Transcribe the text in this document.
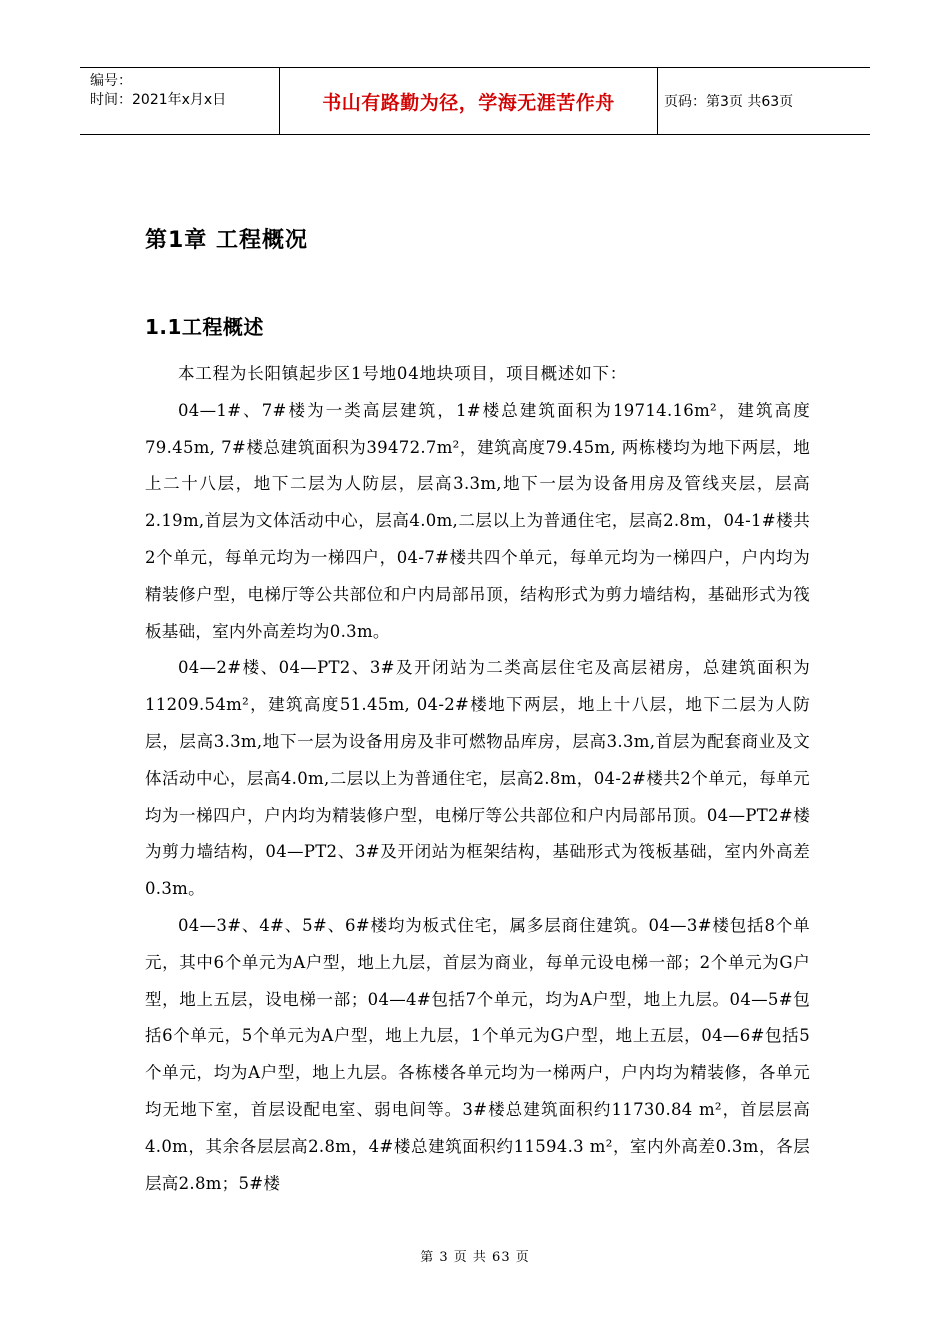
编号：
时间：2021年x月x日	书山有路勤为径，学海无涯苦作舟	页码：第3页 共63页
第1章 工程概况
1.1工程概述

本工程为长阳镇起步区1号地04地块项目，项目概述如下：

04—1#、7#楼为一类高层建筑，1#楼总建筑面积为19714.16m²，建筑高度79.45m, 7#楼总建筑面积为39472.7m²，建筑高度79.45m, 两栋楼均为地下两层，地上二十八层，地下二层为人防层，层高3.3m,地下一层为设备用房及管线夹层，层高2.19m,首层为文体活动中心，层高4.0m,二层以上为普通住宅，层高2.8m，04-1#楼共2个单元，每单元均为一梯四户，04-7#楼共四个单元，每单元均为一梯四户，户内均为精装修户型，电梯厅等公共部位和户内局部吊顶，结构形式为剪力墙结构，基础形式为筏板基础，室内外高差均为0.3m。

04—2#楼、04—PT2、3#及开闭站为二类高层住宅及高层裙房，总建筑面积为11209.54m²，建筑高度51.45m, 04-2#楼地下两层，地上十八层，地下二层为人防层，层高3.3m,地下一层为设备用房及非可燃物品库房，层高3.3m,首层为配套商业及文体活动中心，层高4.0m,二层以上为普通住宅，层高2.8m，04-2#楼共2个单元，每单元均为一梯四户，户内均为精装修户型，电梯厅等公共部位和户内局部吊顶。04—PT2#楼为剪力墙结构，04—PT2、3#及开闭站为框架结构，基础形式为筏板基础，室内外高差0.3m。

04—3#、4#、5#、6#楼均为板式住宅，属多层商住建筑。04—3#楼包括8个单元，其中6个单元为A户型，地上九层，首层为商业，每单元设电梯一部；2个单元为G户型，地上五层，设电梯一部；04—4#包括7个单元，均为A户型，地上九层。04—5#包括6个单元，5个单元为A户型，地上九层，1个单元为G户型，地上五层，04—6#包括5个单元，均为A户型，地上九层。各栋楼各单元均为一梯两户，户内均为精装修，各单元均无地下室，首层设配电室、弱电间等。3#楼总建筑面积约11730.84 m²，首层层高4.0m，其余各层层高2.8m，4#楼总建筑面积约11594.3 m²，室内外高差0.3m，各层层高2.8m；5#楼

第 3 页 共 63 页
